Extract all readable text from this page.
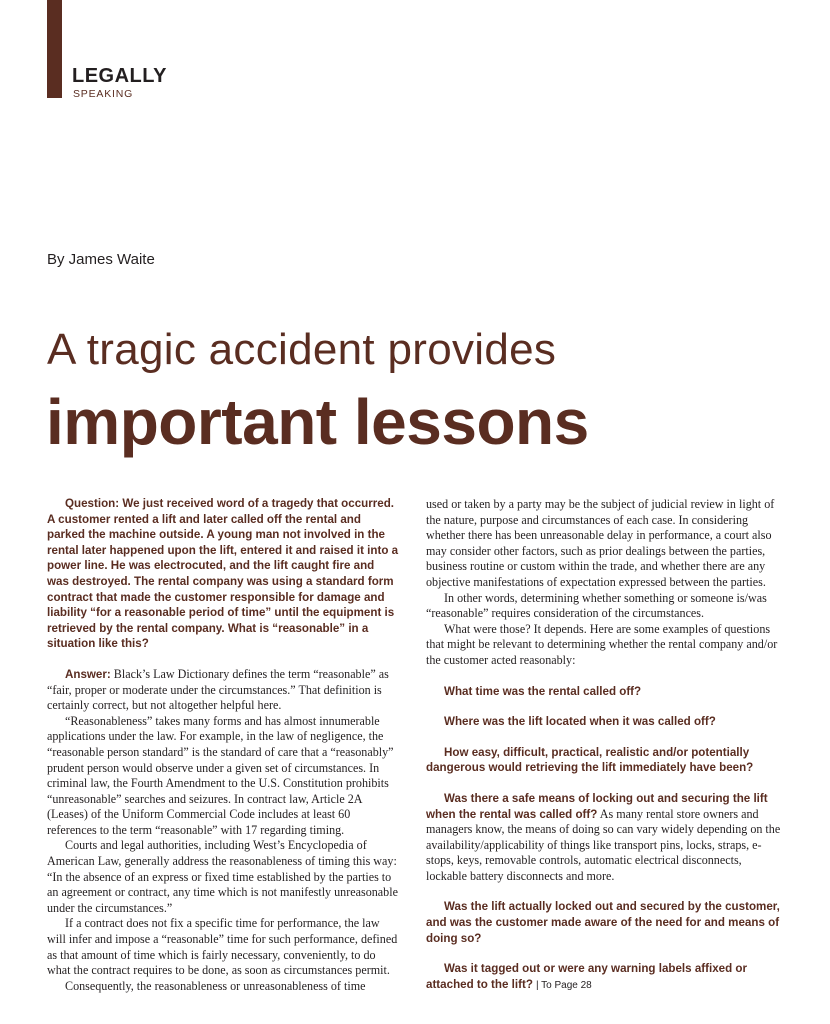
LEGALLY
SPEAKING
By James Waite
A tragic accident provides
important lessons

Question: We just received word of a tragedy that occurred. A customer rented a lift and later called off the rental and parked the machine outside. A young man not involved in the rental later happened upon the lift, entered it and raised it into a power line. He was electrocuted, and the lift caught fire and was destroyed. The rental company was using a standard form contract that made the customer responsible for damage and liability “for a reasonable period of time” until the equipment is retrieved by the rental company. What is “reasonable” in a situation like this?

Answer: Black’s Law Dictionary defines the term “reasonable” as “fair, proper or moderate under the circumstances.” That definition is certainly correct, but not altogether helpful here.

“Reasonableness” takes many forms and has almost innumerable applications under the law. For example, in the law of negligence, the “reasonable person standard” is the standard of care that a “reasonably” prudent person would observe under a given set of circumstances. In criminal law, the Fourth Amendment to the U.S. Constitution prohibits “unreasonable” searches and seizures. In contract law, Article 2A (Leases) of the Uniform Commercial Code includes at least 60 references to the term “reasonable” with 17 regarding timing.

Courts and legal authorities, including West’s Encyclopedia of American Law, generally address the reasonableness of timing this way: “In the absence of an express or fixed time established by the parties to an agreement or contract, any time which is not manifestly unreasonable under the circumstances.”

If a contract does not fix a specific time for performance, the law will infer and impose a “reasonable” time for such performance, defined as that amount of time which is fairly necessary, conveniently, to do what the contract requires to be done, as soon as circumstances permit.

Consequently, the reasonableness or unreasonableness of time

used or taken by a party may be the subject of judicial review in light of the nature, purpose and circumstances of each case. In considering whether there has been unreasonable delay in performance, a court also may consider other factors, such as prior dealings between the parties, business routine or custom within the trade, and whether there are any objective manifestations of expectation expressed between the parties.

In other words, determining whether something or someone is/was “reasonable” requires consideration of the circumstances.

What were those? It depends. Here are some examples of questions that might be relevant to determining whether the rental company and/or the customer acted reasonably:

What time was the rental called off?

Where was the lift located when it was called off?

How easy, difficult, practical, realistic and/or potentially dangerous would retrieving the lift immediately have been?

Was there a safe means of locking out and securing the lift when the rental was called off? As many rental store owners and managers know, the means of doing so can vary widely depending on the availability/applicability of things like transport pins, locks, straps, e-stops, keys, removable controls, automatic electrical disconnects, lockable battery disconnects and more.

Was the lift actually locked out and secured by the customer, and was the customer made aware of the need for and means of doing so?

Was it tagged out or were any warning labels affixed or attached to the lift? | To Page 28
